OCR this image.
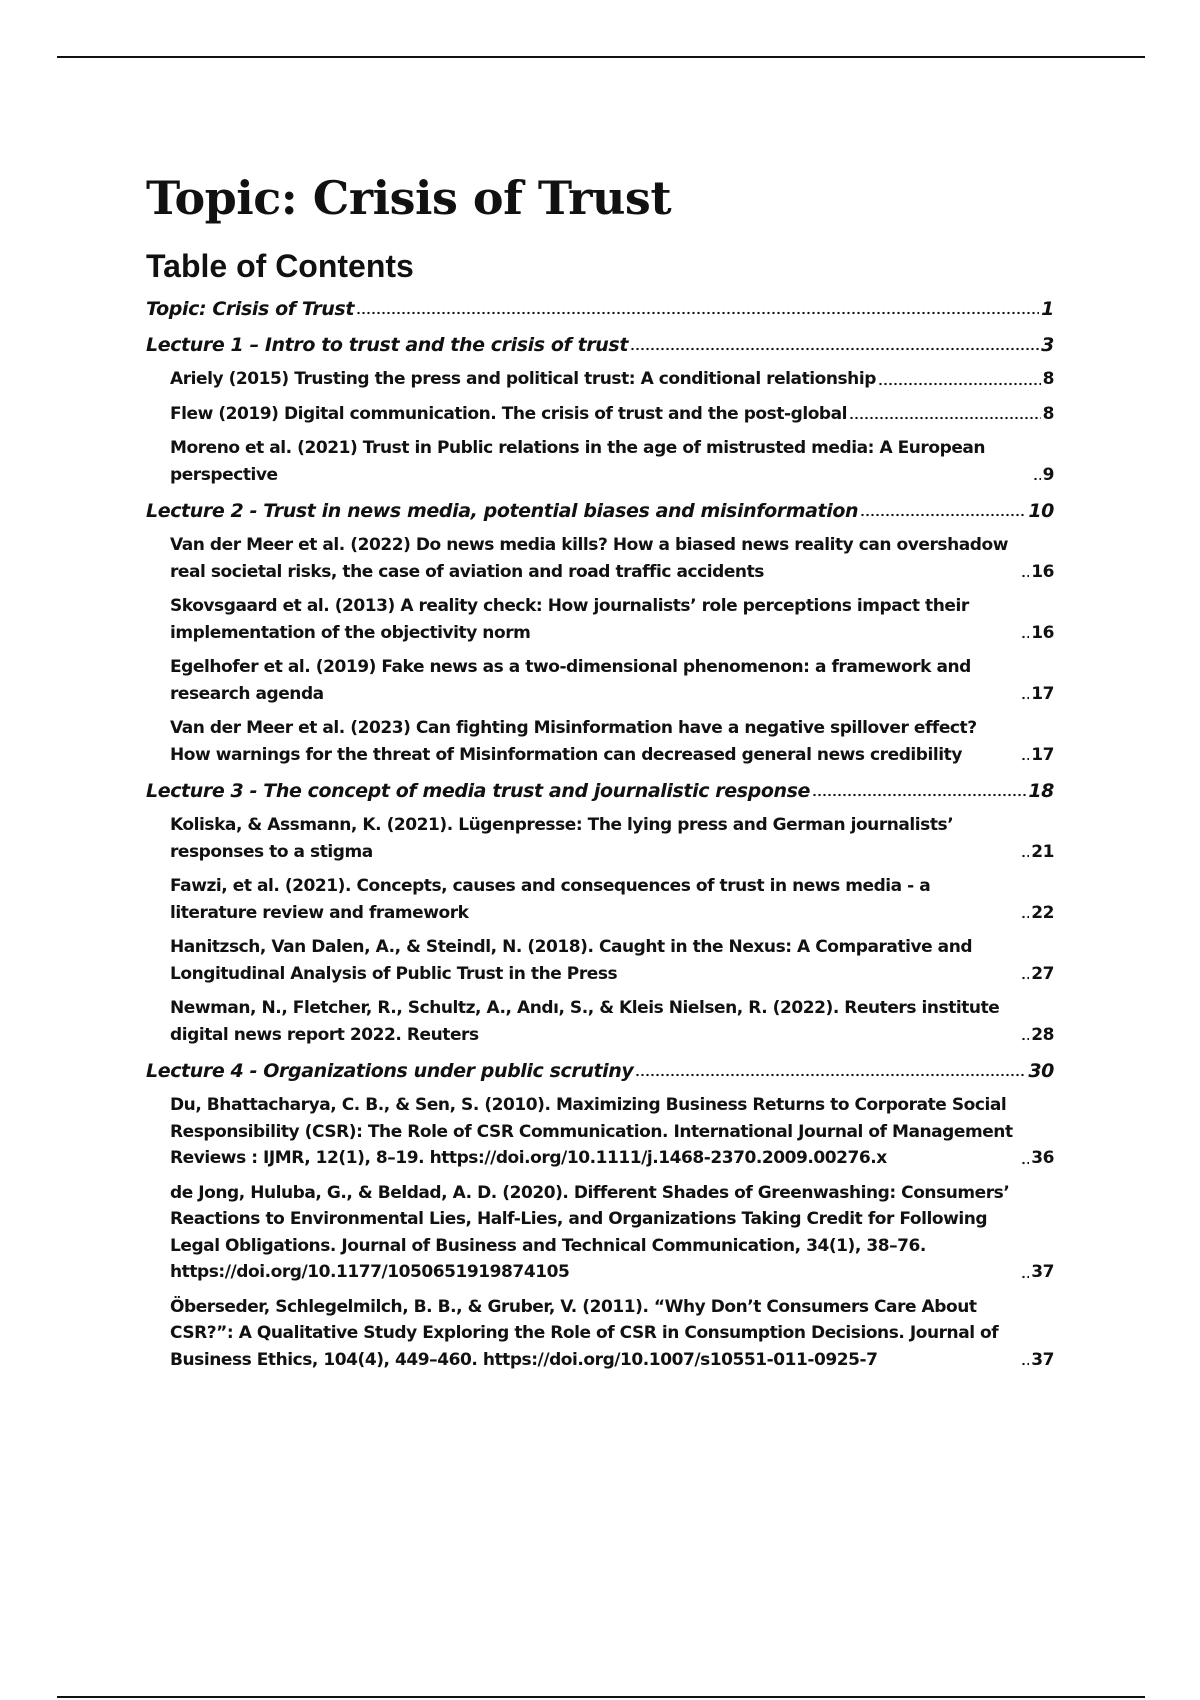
Topic: Crisis of Trust
Table of Contents
Topic: Crisis of Trust	1
Lecture 1 – Intro to trust and the crisis of trust	3
Ariely (2015) Trusting the press and political trust: A conditional relationship	8
Flew (2019) Digital communication. The crisis of trust and the post-global	8
Moreno et al. (2021) Trust in Public relations in the age of mistrusted media: A European perspective	9
Lecture 2 - Trust in news media, potential biases and misinformation	10
Van der Meer et al. (2022) Do news media kills? How a biased news reality can overshadow real societal risks, the case of aviation and road traffic accidents	16
Skovsgaard et al. (2013) A reality check: How journalists’ role perceptions impact their implementation of the objectivity norm	16
Egelhofer et al. (2019) Fake news as a two-dimensional phenomenon: a framework and research agenda	17
Van der Meer et al. (2023) Can fighting Misinformation have a negative spillover effect? How warnings for the threat of Misinformation can decreased general news credibility	17
Lecture 3 - The concept of media trust and journalistic response	18
Koliska, & Assmann, K. (2021). Lügenpresse: The lying press and German journalists’ responses to a stigma	21
Fawzi, et al. (2021). Concepts, causes and consequences of trust in news media - a literature review and framework	22
Hanitzsch, Van Dalen, A., & Steindl, N. (2018). Caught in the Nexus: A Comparative and Longitudinal Analysis of Public Trust in the Press	27
Newman, N., Fletcher, R., Schultz, A., Andı, S., & Kleis Nielsen, R. (2022). Reuters institute digital news report 2022. Reuters	28
Lecture 4 - Organizations under public scrutiny	30
Du, Bhattacharya, C. B., & Sen, S. (2010). Maximizing Business Returns to Corporate Social Responsibility (CSR): The Role of CSR Communication. International Journal of Management Reviews : IJMR, 12(1), 8–19. https://doi.org/10.1111/j.1468-2370.2009.00276.x	36
de Jong, Huluba, G., & Beldad, A. D. (2020). Different Shades of Greenwashing: Consumers’ Reactions to Environmental Lies, Half-Lies, and Organizations Taking Credit for Following Legal Obligations. Journal of Business and Technical Communication, 34(1), 38–76. https://doi.org/10.1177/1050651919874105	37
Öberseder, Schlegelmilch, B. B., & Gruber, V. (2011). “Why Don’t Consumers Care About CSR?”: A Qualitative Study Exploring the Role of CSR in Consumption Decisions. Journal of Business Ethics, 104(4), 449–460. https://doi.org/10.1007/s10551-011-0925-7	37
